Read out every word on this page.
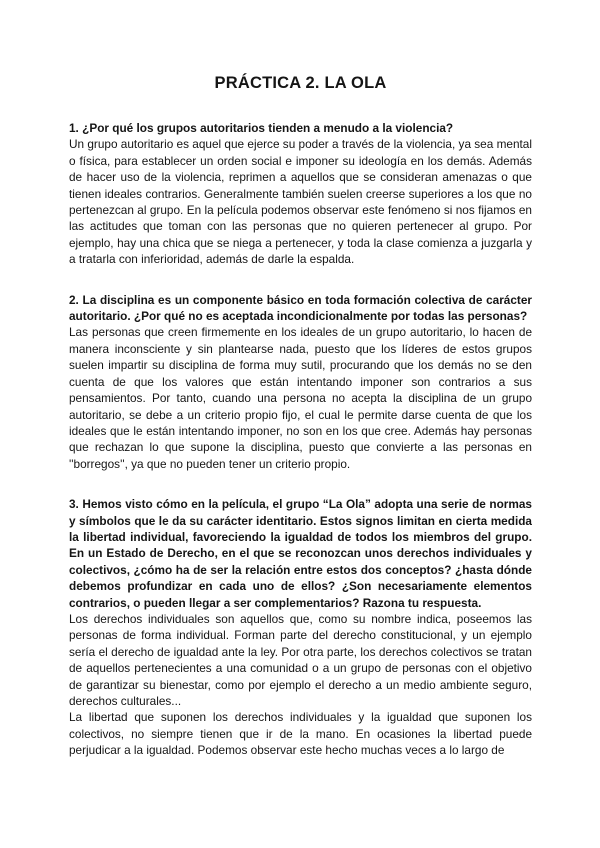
PRÁCTICA 2. LA OLA

1. ¿Por qué los grupos autoritarios tienden a menudo a la violencia?

Un grupo autoritario es aquel que ejerce su poder a través de la violencia, ya sea mental o física, para establecer un orden social e imponer su ideología en los demás. Además de hacer uso de la violencia, reprimen a aquellos que se consideran amenazas o que tienen ideales contrarios. Generalmente también suelen creerse superiores a los que no pertenezcan al grupo. En la película podemos observar este fenómeno si nos fijamos en las actitudes que toman con las personas que no quieren pertenecer al grupo. Por ejemplo, hay una chica que se niega a pertenecer, y toda la clase comienza a juzgarla y a tratarla con inferioridad, además de darle la espalda.

2. La disciplina es un componente básico en toda formación colectiva de carácter autoritario. ¿Por qué no es aceptada incondicionalmente por todas las personas?

Las personas que creen firmemente en los ideales de un grupo autoritario, lo hacen de manera inconsciente y sin plantearse nada, puesto que los líderes de estos grupos suelen impartir su disciplina de forma muy sutil, procurando que los demás no se den cuenta de que los valores que están intentando imponer son contrarios a sus pensamientos. Por tanto, cuando una persona no acepta la disciplina de un grupo autoritario, se debe a un criterio propio fijo, el cual le permite darse cuenta de que los ideales que le están intentando imponer, no son en los que cree. Además hay personas que rechazan lo que supone la disciplina, puesto que convierte a las personas en ''borregos'', ya que no pueden tener un criterio propio.

3. Hemos visto cómo en la película, el grupo “La Ola” adopta una serie de normas y símbolos que le da su carácter identitario. Estos signos limitan en cierta medida la libertad individual, favoreciendo la igualdad de todos los miembros del grupo. En un Estado de Derecho, en el que se reconozcan unos derechos individuales y colectivos, ¿cómo ha de ser la relación entre estos dos conceptos? ¿hasta dónde debemos profundizar en cada uno de ellos? ¿Son necesariamente elementos contrarios, o pueden llegar a ser complementarios? Razona tu respuesta.

Los derechos individuales son aquellos que, como su nombre indica, poseemos las personas de forma individual. Forman parte del derecho constitucional, y un ejemplo sería el derecho de igualdad ante la ley. Por otra parte, los derechos colectivos se tratan de aquellos pertenecientes a una comunidad o a un grupo de personas con el objetivo de garantizar su bienestar, como por ejemplo el derecho a un medio ambiente seguro, derechos culturales...

La libertad que suponen los derechos individuales y la igualdad que suponen los colectivos, no siempre tienen que ir de la mano. En ocasiones la libertad puede perjudicar a la igualdad. Podemos observar este hecho muchas veces a lo largo de
